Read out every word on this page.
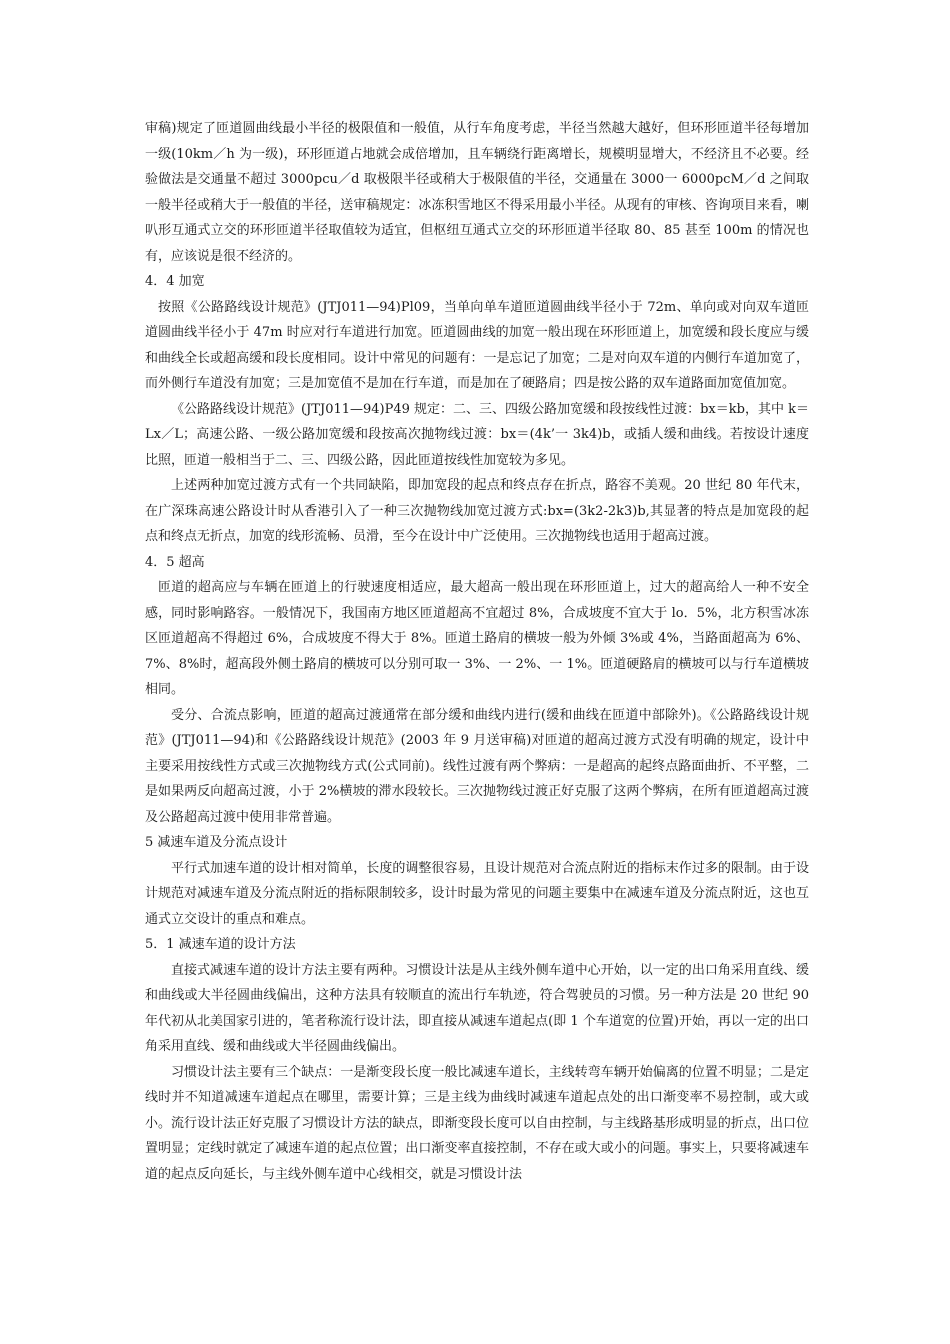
审稿)规定了匝道圆曲线最小半径的极限值和一般值，从行车角度考虑，半径当然越大越好，但环形匝道半径每增加一级(10km／h 为一级)，环形匝道占地就会成倍增加，且车辆绕行距离增长，规模明显增大，不经济且不必要。经验做法是交通量不超过 3000pcu／d 取极限半径或稍大于极限值的半径，交通量在 3000一 6000pcM／d 之间取一般半径或稍大于一般值的半径，送审稿规定：冰冻积雪地区不得采用最小半径。从现有的审核、咨询项目来看，喇叭形互通式立交的环形匝道半径取值较为适宜，但枢纽互通式立交的环形匝道半径取 80、85 甚至 100m 的情况也有，应该说是很不经济的。

4．4 加宽

按照《公路路线设计规范》(JTJ011—94)Pl09，当单向单车道匝道圆曲线半径小于 72m、单向或对向双车道匝道圆曲线半径小于 47m 时应对行车道进行加宽。匝道圆曲线的加宽一般出现在环形匝道上，加宽缓和段长度应与缓和曲线全长或超高缓和段长度相同。设计中常见的问题有：一是忘记了加宽；二是对向双车道的内侧行车道加宽了，而外侧行车道没有加宽；三是加宽值不是加在行车道，而是加在了硬路肩；四是按公路的双车道路面加宽值加宽。

《公路路线设计规范》(JTJ011—94)P49 规定：二、三、四级公路加宽缓和段按线性过渡：bx＝kb，其中 k＝Lx／L；高速公路、一级公路加宽缓和段按高次抛物线过渡：bx＝(4k’一 3k4)b，或插人缓和曲线。若按设计速度比照，匝道一般相当于二、三、四级公路，因此匝道按线性加宽较为多见。

上述两种加宽过渡方式有一个共同缺陷，即加宽段的起点和终点存在折点，路容不美观。20 世纪 80 年代末，在广深珠高速公路设计时从香港引入了一种三次抛物线加宽过渡方式:bx=(3k2-2k3)b,其显著的特点是加宽段的起点和终点无折点，加宽的线形流畅、员滑，至今在设计中广泛使用。三次抛物线也适用于超高过渡。

4．5 超高

匝道的超高应与车辆在匝道上的行驶速度相适应，最大超高一般出现在环形匝道上，过大的超高给人一种不安全感，同时影响路容。一般情况下，我国南方地区匝道超高不宜超过 8%，合成坡度不宜大于 lo．5%，北方积雪冰冻区匝道超高不得超过 6%，合成坡度不得大于 8%。匝道土路肩的横坡一般为外倾 3%或 4%，当路面超高为 6%、7%、8%时，超高段外侧土路肩的横坡可以分别可取一 3%、一 2%、一 1%。匝道硬路肩的横坡可以与行车道横坡相同。

受分、合流点影响，匝道的超高过渡通常在部分缓和曲线内进行(缓和曲线在匝道中部除外)。《公路路线设计规范》(JTJ011—94)和《公路路线设计规范》(2003 年 9 月送审稿)对匝道的超高过渡方式没有明确的规定，设计中主要采用按线性方式或三次抛物线方式(公式同前)。线性过渡有两个弊病：一是超高的起终点路面曲折、不平整，二是如果两反向超高过渡，小于 2%横坡的滞水段较长。三次抛物线过渡正好克服了这两个弊病，在所有匝道超高过渡及公路超高过渡中使用非常普遍。

5 减速车道及分流点设计

平行式加速车道的设计相对简单，长度的调整很容易，且设计规范对合流点附近的指标末作过多的限制。由于设计规范对减速车道及分流点附近的指标限制较多，设计时最为常见的问题主要集中在减速车道及分流点附近，这也互通式立交设计的重点和难点。

5．1 减速车道的设计方法

直接式减速车道的设计方法主要有两种。习惯设计法是从主线外侧车道中心开始，以一定的出口角采用直线、缓和曲线或大半径圆曲线偏出，这种方法具有较顺直的流出行车轨迹，符合驾驶员的习惯。另一种方法是 20 世纪 90 年代初从北美国家引进的，笔者称流行设计法，即直接从减速车道起点(即 1 个车道宽的位置)开始，再以一定的出口角采用直线、缓和曲线或大半径圆曲线偏出。

习惯设计法主要有三个缺点：一是渐变段长度一般比减速车道长，主线转弯车辆开始偏离的位置不明显；二是定线时并不知道减速车道起点在哪里，需要计算；三是主线为曲线时减速车道起点处的出口渐变率不易控制，或大或小。流行设计法正好克服了习惯设计方法的缺点，即渐变段长度可以自由控制，与主线路基形成明显的折点，出口位置明显；定线时就定了减速车道的起点位置；出口渐变率直接控制，不存在或大或小的问题。事实上，只要将减速车道的起点反向延长，与主线外侧车道中心线相交，就是习惯设计法
